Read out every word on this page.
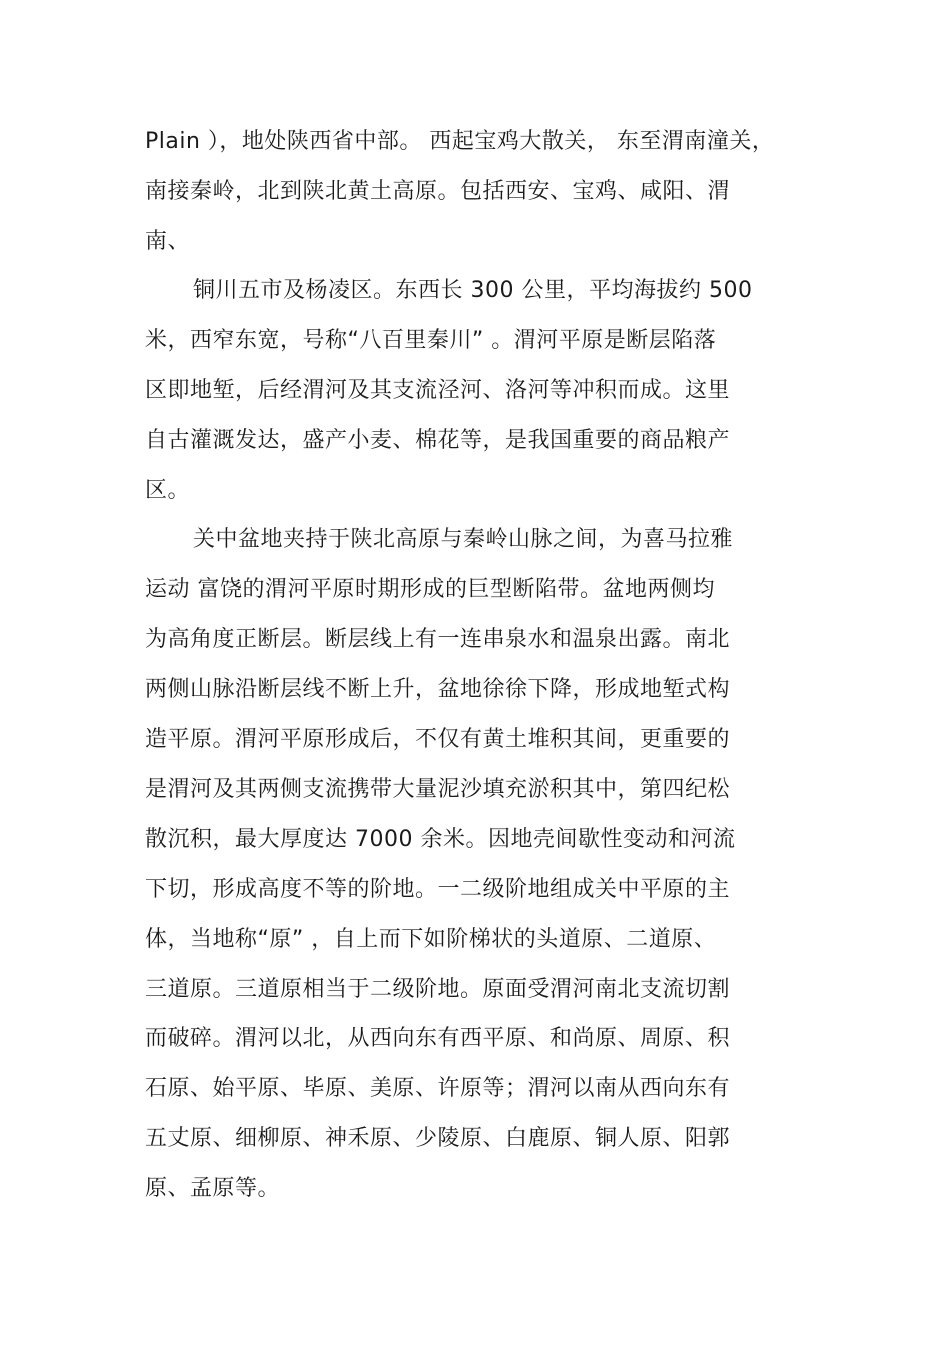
Plain ），地处陕西省中部。 西起宝鸡大散关， 东至渭南潼关，
南接秦岭，北到陕北黄土高原。包括西安、宝鸡、咸阳、渭
南、
铜川五市及杨凌区。东西长 300 公里，平均海拔约 500
米，西窄东宽，号称“八百里秦川” 。渭河平原是断层陷落
区即地堑，后经渭河及其支流泾河、洛河等冲积而成。这里
自古灌溉发达，盛产小麦、棉花等，是我国重要的商品粮产
区。
关中盆地夹持于陕北高原与秦岭山脉之间，为喜马拉雅
运动 富饶的渭河平原时期形成的巨型断陷带。盆地两侧均
为高角度正断层。断层线上有一连串泉水和温泉出露。南北
两侧山脉沿断层线不断上升，盆地徐徐下降，形成地堑式构
造平原。渭河平原形成后，不仅有黄土堆积其间，更重要的
是渭河及其两侧支流携带大量泥沙填充淤积其中，第四纪松
散沉积，最大厚度达 7000 余米。因地壳间歇性变动和河流
下切，形成高度不等的阶地。一二级阶地组成关中平原的主
体，当地称“原” ，自上而下如阶梯状的头道原、二道原、
三道原。三道原相当于二级阶地。原面受渭河南北支流切割
而破碎。渭河以北，从西向东有西平原、和尚原、周原、积
石原、始平原、毕原、美原、许原等；渭河以南从西向东有
五丈原、细柳原、神禾原、少陵原、白鹿原、铜人原、阳郭
原、孟原等。
